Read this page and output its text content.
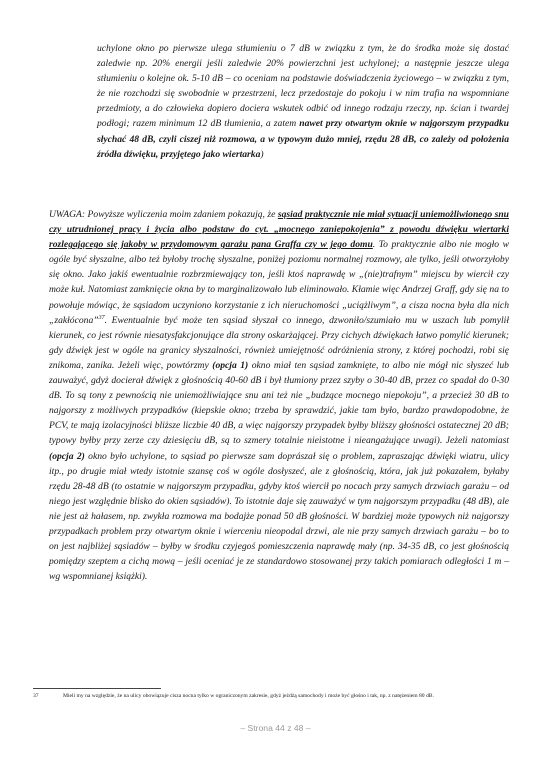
uchylone okno po pierwsze ulega stłumieniu o 7 dB w związku z tym, że do środka może się dostać zaledwie np. 20% energii jeśli zaledwie 20% powierzchni jest uchylonej; a następnie jeszcze ulega stłumieniu o kolejne ok. 5-10 dB – co oceniam na podstawie doświadczenia życiowego – w związku z tym, że nie rozchodzi się swobodnie w przestrzeni, lecz przedostaje do pokoju i w nim trafia na wspomniane przedmioty, a do człowieka dopiero dociera wskutek odbić od innego rodzaju rzeczy, np. ścian i twardej podłogi; razem minimum 12 dB tłumienia, a zatem nawet przy otwartym oknie w najgorszym przypadku słychać 48 dB, czyli ciszej niż rozmowa, a w typowym dużo mniej, rzędu 28 dB, co zależy od położenia źródła dźwięku, przyjętego jako wiertarka)

UWAGA: Powyższe wyliczenia moim zdaniem pokazują, że sąsiad praktycznie nie miał sytuacji uniemożliwionego snu czy utrudnionej pracy i życia albo podstaw do cyt. „mocnego zaniepokojenia” z powodu dźwięku wiertarki rozlegającego się jakoby w przydomowym garażu pana Graffa czy w jego domu. To praktycznie albo nie mogło w ogóle być słyszalne, albo też byłoby trochę słyszalne, poniżej poziomu normalnej rozmowy, ale tylko, jeśli otworzyłoby się okno. Jako jakiś ewentualnie rozbrzmiewający ton, jeśli ktoś naprawdę w „(nie)trafnym” miejscu by wiercił czy może kuł. Natomiast zamknięcie okna by to marginalizowało lub eliminowało. Kłamie więc Andrzej Graff, gdy się na to powołuje mówiąc, że sąsiadom uczyniono korzystanie z ich nieruchomości „uciążliwym”, a cisza nocna była dla nich „zakłócona”$^{37}$. Ewentualnie być może ten sąsiad słyszał co innego, dzwoniło/szumiało mu w uszach lub pomylił kierunek, co jest równie niesatysfakcjonujące dla strony oskarżającej. Przy cichych dźwiękach łatwo pomylić kierunek; gdy dźwięk jest w ogóle na granicy słyszalności, również umiejętność odróżnienia strony, z której pochodzi, robi się znikoma, zanika. Jeżeli więc, powtórzmy (opcja 1) okno miał ten sąsiad zamknięte, to albo nie mógł nic słyszeć lub zauważyć, gdyż docierał dźwięk z głośnością 40-60 dB i był tłumiony przez szyby o 30-40 dB, przez co spadał do 0-30 dB. To są tony z pewnością nie uniemożliwiające snu ani też nie „budzące mocnego niepokoju”, a przecież 30 dB to najgorszy z możliwych przypadków (kiepskie okno; trzeba by sprawdzić, jakie tam było, bardzo prawdopodobne, że PCV, te mają izolacyjności bliższe liczbie 40 dB, a więc najgorszy przypadek byłby bliższy głośności ostatecznej 20 dB; typowy byłby przy zerze czy dziesięciu dB, są to szmery totalnie nieistotne i nieangażujące uwagi). Jeżeli natomiast (opcja 2) okno było uchylone, to sąsiad po pierwsze sam doprászał się o problem, zapraszając dźwięki wiatru, ulicy itp., po drugie miał wtedy istotnie szansę coś w ogóle dosłyszeć, ale z głośnością, która, jak już pokazałem, byłaby rzędu 28-48 dB (to ostatnie w najgorszym przypadku, gdyby ktoś wiercił po nocach przy samych drzwiach garażu – od niego jest względnie blisko do okien sąsiadów). To istotnie daje się zauważyć w tym najgorszym przypadku (48 dB), ale nie jest aż hałasem, np. zwykła rozmowa ma bodajże ponad 50 dB głośności. W bardziej może typowych niż najgorszy przypadkach problem przy otwartym oknie i wierceniu nieopodal drzwi, ale nie przy samych drzwiach garażu – bo to on jest najbliżej sąsiadów – byłby w środku czyjegoś pomieszczenia naprawdę mały (np. 34-35 dB, co jest głośnością pomiędzy szeptem a cichą mową – jeśli oceniać je ze standardowo stosowanej przy takich pomiarach odległości 1 m – wg wspomnianej książki).

37	Mieli my na względzie, że na ulicy obowiązuje cisza nocna tylko w ograniczonym zakresie, gdyż jeżdżą samochody i może być głośno i tak, np. z natężeniem 80 dB.
– Strona 44 z 48 –
